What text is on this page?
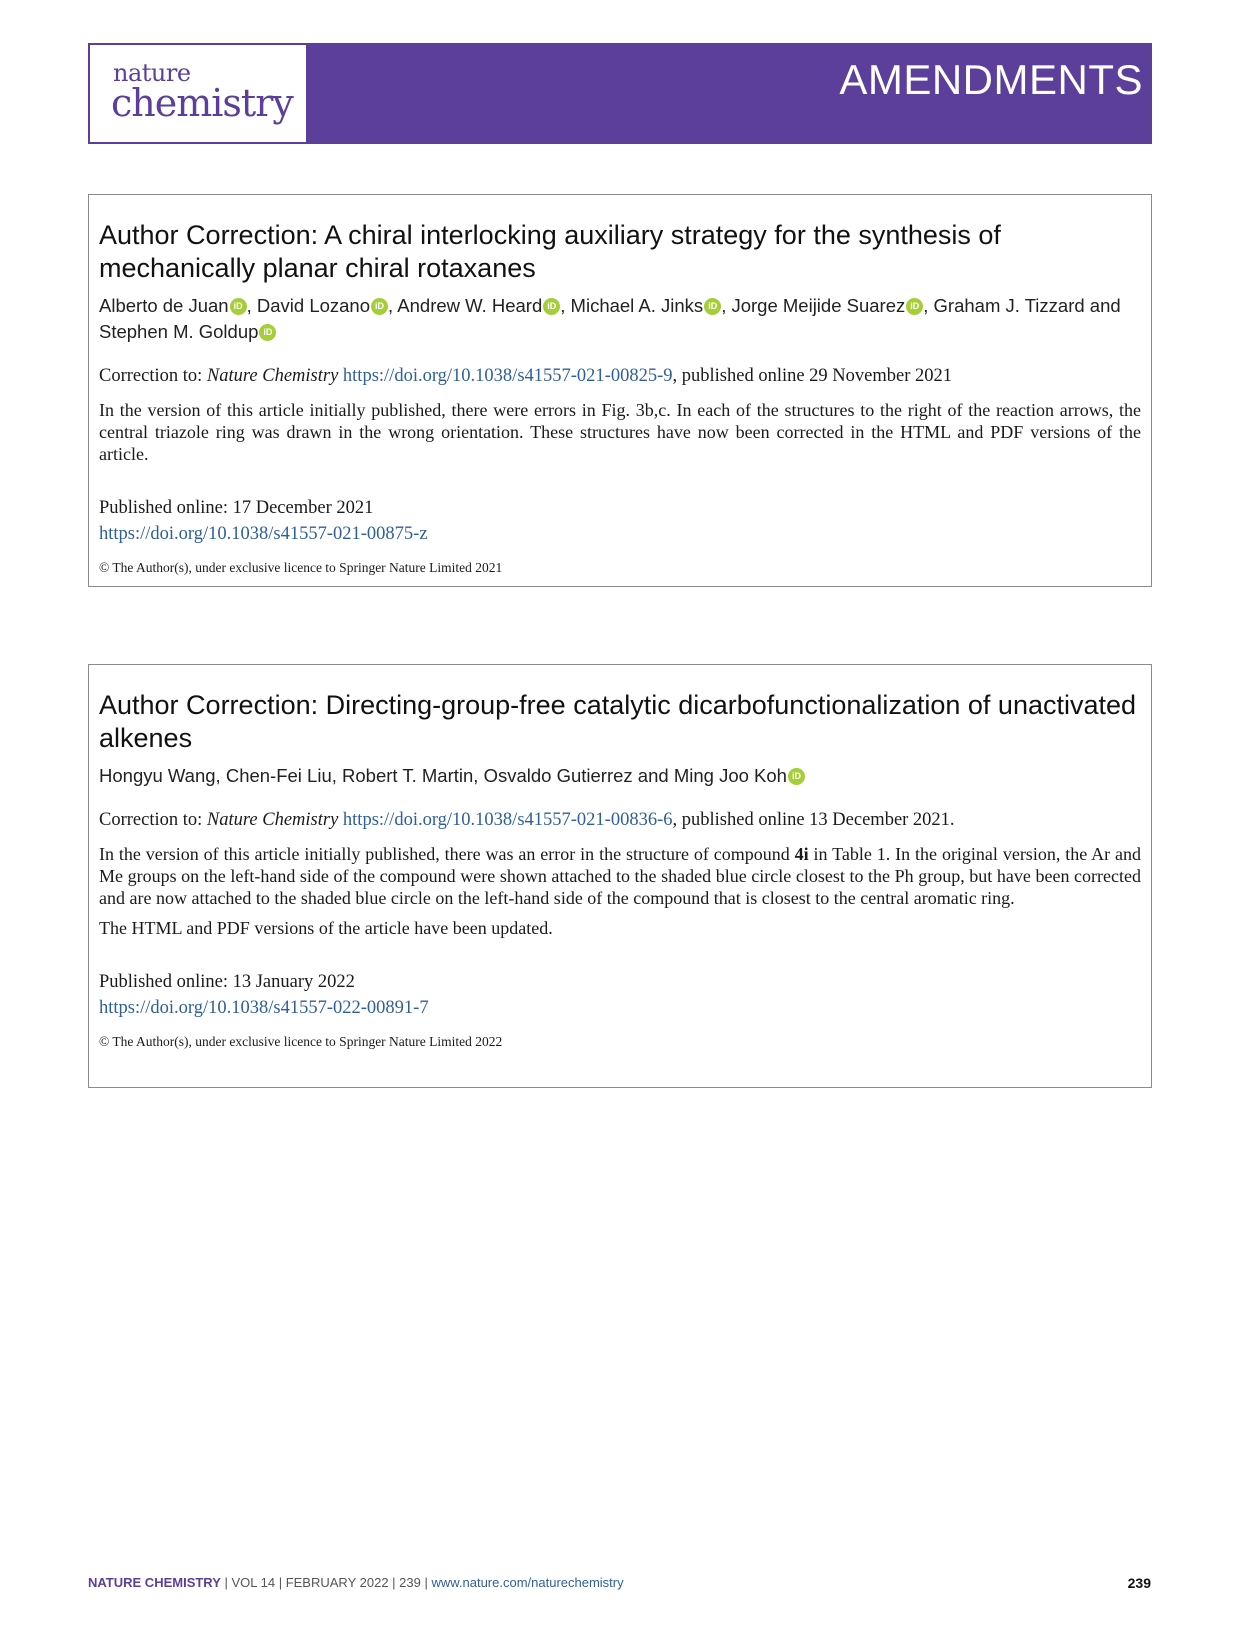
nature
chemistry	AMENDMENTS
Author Correction: A chiral interlocking auxiliary strategy for the synthesis of mechanically planar chiral rotaxanes
Alberto de Juan iD , David Lozano iD , Andrew W. Heard iD , Michael A. Jinks iD , Jorge Meijide Suarez iD , Graham J. Tizzard and Stephen M. Goldup iD

Correction to: Nature Chemistry https://doi.org/10.1038/s41557-021-00825-9, published online 29 November 2021

In the version of this article initially published, there were errors in Fig. 3b,c. In each of the structures to the right of the reaction arrows, the central triazole ring was drawn in the wrong orientation. These structures have now been corrected in the HTML and PDF versions of the article.

Published online: 17 December 2021

https://doi.org/10.1038/s41557-021-00875-z

© The Author(s), under exclusive licence to Springer Nature Limited 2021

Author Correction: Directing-group-free catalytic dicarbofunctionalization of unactivated alkenes
Hongyu Wang, Chen-Fei Liu, Robert T. Martin, Osvaldo Gutierrez and Ming Joo Koh iD

Correction to: Nature Chemistry https://doi.org/10.1038/s41557-021-00836-6, published online 13 December 2021.

In the version of this article initially published, there was an error in the structure of compound 4i in Table 1. In the original version, the Ar and Me groups on the left-hand side of the compound were shown attached to the shaded blue circle closest to the Ph group, but have been corrected and are now attached to the shaded blue circle on the left-hand side of the compound that is closest to the central aromatic ring.

The HTML and PDF versions of the article have been updated.

Published online: 13 January 2022

https://doi.org/10.1038/s41557-022-00891-7

© The Author(s), under exclusive licence to Springer Nature Limited 2022

NATURE CHEMISTRY | VOL 14 | FEBRUARY 2022 | 239 | www.nature.com/naturechemistry	239
